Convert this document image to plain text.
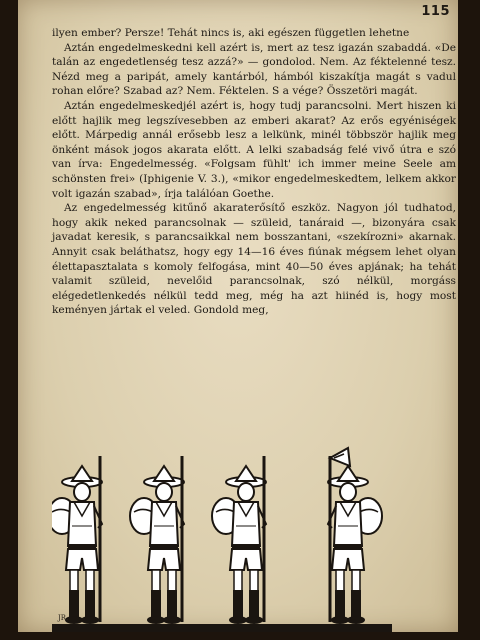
115

ilyen ember? Persze! Tehát nincs is, aki egészen független lehetne

Aztán engedelmeskedni kell azért is, mert az tesz igazán szabaddá. «De talán az engedetlenség tesz azzá?» — gondolod. Nem. Az féktelenné tesz. Nézd meg a paripát, amely kantárból, hámból kiszakítja magát s vadul rohan előre? Szabad az? Nem. Féktelen. S a vége? Összetöri magát.

Aztán engedelmeskedjél azért is, hogy tudj parancsolni. Mert hiszen ki előtt hajlik meg legszívesebben az emberi akarat? Az erős egyéniségek előtt. Márpedig annál erősebb lesz a lelkünk, minél többször hajlik meg önként mások jogos akarata előtt. A lelki szabadság felé vivő útra e szó van írva: Engedelmesség. «Folgsam fühlt' ich immer meine Seele am schönsten frei» (Iphigenie V. 3.), «mikor engedelmeskedtem, lelkem akkor volt igazán szabad», írja találóan Goethe.

Az engedelmesség kitűnő akaraterősítő eszköz. Nagyon jól tudhatod, hogy akik neked parancsolnak — szüleid, tanáraid —, bizonyára csak javadat keresik, s parancsaikkal nem bosszantani, «szekírozni» akarnak. Annyit csak beláthatsz, hogy egy 14—16 éves fiúnak mégsem lehet olyan élettapasztalata s komoly felfogása, mint 40—50 éves apjának; ha tehát valamit szüleid, nevelőid parancsolnak, szó nélkül, morgáss elégedetlenkedés nélkül tedd meg, még ha azt hiinéd is, hogy most keményen jártak el veled. Gondold meg,

JR.
